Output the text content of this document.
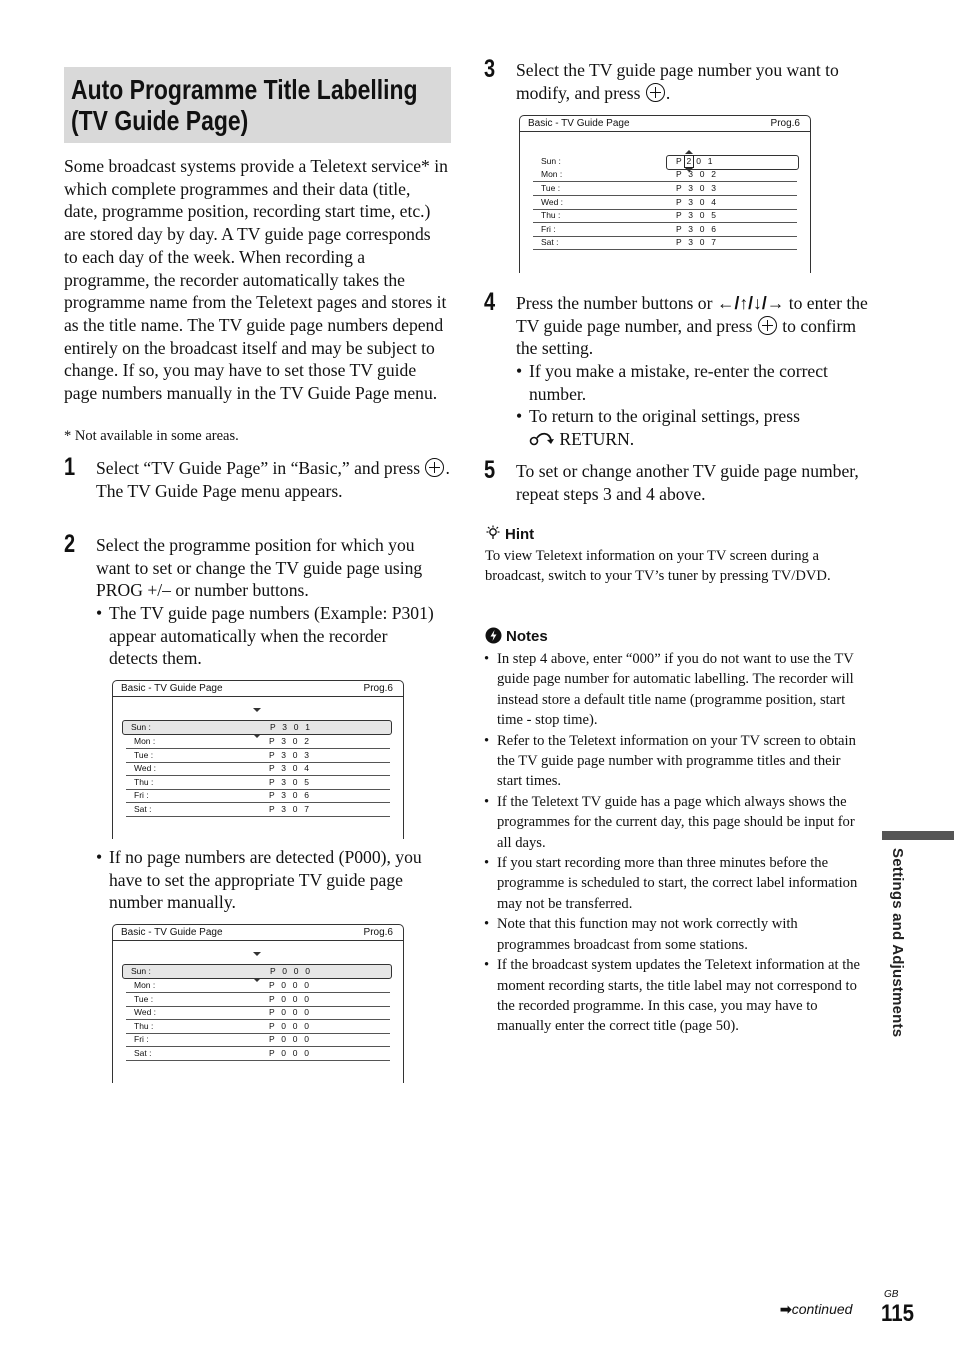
Auto Programme Title Labelling (TV Guide Page)
Some broadcast systems provide a Teletext service* in which complete programmes and their data (title, date, programme position, recording start time, etc.) are stored day by day. A TV guide page corresponds to each day of the week. When recording a programme, the recorder automatically takes the programme name from the Teletext pages and stores it as the title name. The TV guide page numbers depend entirely on the broadcast itself and may be subject to change. If so, you may have to set those TV guide page numbers manually in the TV Guide Page menu.
* Not available in some areas.
1 Select “TV Guide Page” in “Basic,” and press .
The TV Guide Page menu appears.
2 Select the programme position for which you want to set or change the TV guide page using PROG +/– or number buttons.
• The TV guide page numbers (Example: P301) appear automatically when the recorder detects them.
Basic - TV Guide Page	Prog.6
Sun :	P 3 0 1
Mon :	P 3 0 2
Tue :	P 3 0 3
Wed :	P 3 0 4
Thu :	P 3 0 5
Fri :	P 3 0 6
Sat :	P 3 0 7
• If no page numbers are detected (P000), you have to set the appropriate TV guide page number manually.
Basic - TV Guide Page	Prog.6
Sun :	P 0 0 0
Mon :	P 0 0 0
Tue :	P 0 0 0
Wed :	P 0 0 0
Thu :	P 0 0 0
Fri :	P 0 0 0
Sat :	P 0 0 0
3 Select the TV guide page number you want to modify, and press .
Basic - TV Guide Page	Prog.6
Sun :	P 2 0 1
Mon :	P 3 0 2
Tue :	P 3 0 3
Wed :	P 3 0 4
Thu :	P 3 0 5
Fri :	P 3 0 6
Sat :	P 3 0 7
4 Press the number buttons or ←/↑/↓/→ to enter the TV guide page number, and press to confirm the setting.
• If you make a mistake, re-enter the correct number.
• To return to the original settings, press
RETURN.
5 To set or change another TV guide page number, repeat steps 3 and 4 above.
Hint
To view Teletext information on your TV screen during a broadcast, switch to your TV’s tuner by pressing TV/DVD.
Notes
• In step 4 above, enter “000” if you do not want to use the TV guide page number for automatic labelling. The recorder will instead store a default title name (programme position, start time - stop time).
• Refer to the Teletext information on your TV screen to obtain the TV guide page number with programme titles and their start times.
• If the Teletext TV guide has a page which always shows the programmes for the current day, this page should be input for all days.
• If you start recording more than three minutes before the programme is scheduled to start, the correct label information may not be transferred.
• Note that this function may not work correctly with programmes broadcast from some stations.
• If the broadcast system updates the Teletext information at the moment recording starts, the title label may not correspond to the recorded programme. In this case, you may have to manually enter the correct title (page 50).	Settings and Adjustments
➡continued
GB
115
